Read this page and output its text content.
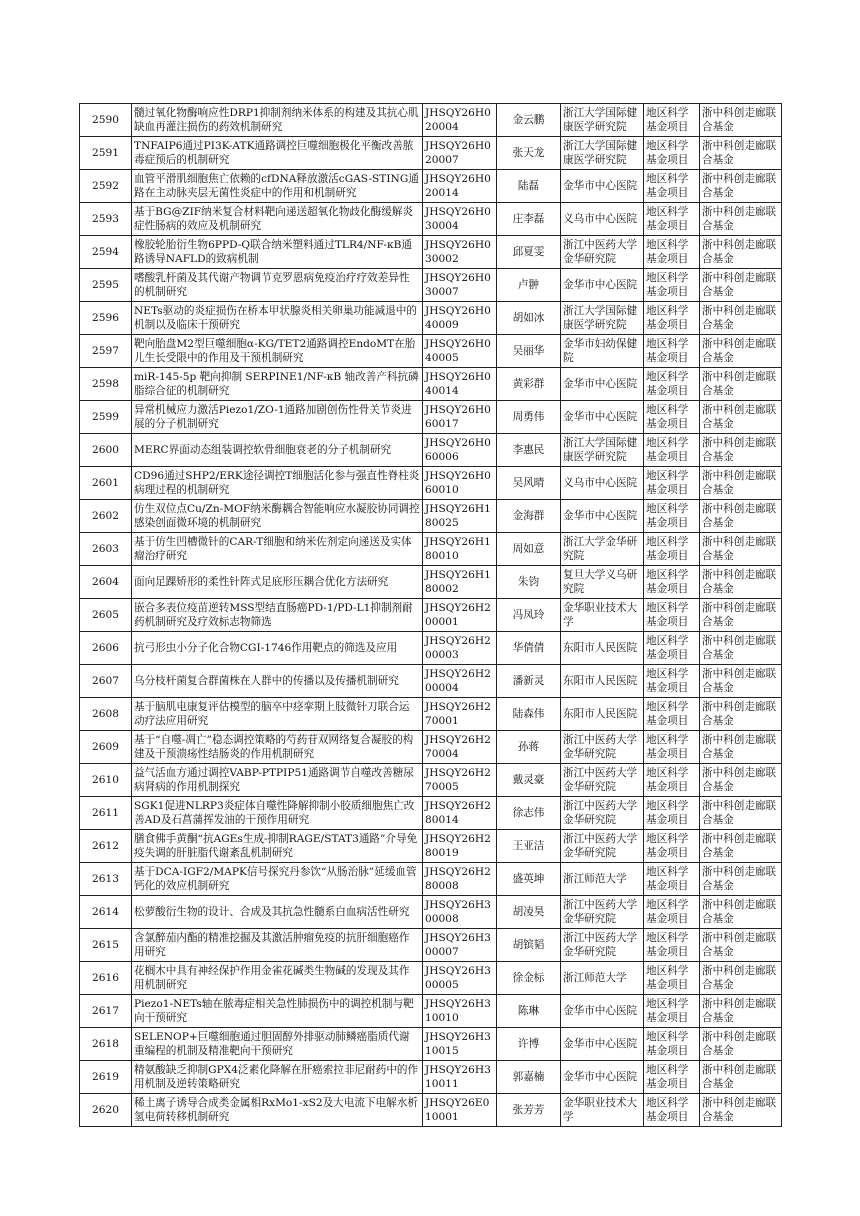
2590	髓过氧化物酶响应性DRP1抑制剂纳米体系的构建及其抗心肌缺血再灌注损伤的药效机制研究	JHSQY26H020004	金云鹏	浙江大学国际健康医学研究院	地区科学基金项目	浙中科创走廊联合基金
2591	TNFAIP6通过PI3K-ATK通路调控巨噬细胞极化平衡改善脓毒症预后的机制研究	JHSQY26H020007	张天龙	浙江大学国际健康医学研究院	地区科学基金项目	浙中科创走廊联合基金
2592	血管平滑肌细胞焦亡依赖的cfDNA释放激活cGAS-STING通路在主动脉夹层无菌性炎症中的作用和机制研究	JHSQY26H020014	陆磊	金华市中心医院	地区科学基金项目	浙中科创走廊联合基金
2593	基于BG@ZIF纳米复合材料靶向递送超氧化物歧化酶缓解炎症性肠病的效应及机制研究	JHSQY26H030004	庄李磊	义乌市中心医院	地区科学基金项目	浙中科创走廊联合基金
2594	橡胶轮胎衍生物6PPD-Q联合纳米塑料通过TLR4/NF-κB通路诱导NAFLD的致病机制	JHSQY26H030002	邱夏雯	浙江中医药大学金华研究院	地区科学基金项目	浙中科创走廊联合基金
2595	嗜酸乳杆菌及其代谢产物调节克罗恩病免疫治疗疗效差异性的机制研究	JHSQY26H030007	卢翀	金华市中心医院	地区科学基金项目	浙中科创走廊联合基金
2596	NETs驱动的炎症损伤在桥本甲状腺炎相关卵巢功能减退中的机制以及临床干预研究	JHSQY26H040009	胡如冰	浙江大学国际健康医学研究院	地区科学基金项目	浙中科创走廊联合基金
2597	靶向胎盘M2型巨噬细胞α-KG/TET2通路调控EndoMT在胎儿生长受限中的作用及干预机制研究	JHSQY26H040005	吴丽华	金华市妇幼保健院	地区科学基金项目	浙中科创走廊联合基金
2598	miR-145-5p 靶向抑制 SERPINE1/NF-κB 轴改善产科抗磷脂综合征的机制研究	JHSQY26H040014	黄彩群	金华市中心医院	地区科学基金项目	浙中科创走廊联合基金
2599	异常机械应力激活Piezo1/ZO-1通路加剧创伤性骨关节炎进展的分子机制研究	JHSQY26H060017	周勇伟	金华市中心医院	地区科学基金项目	浙中科创走廊联合基金
2600	MERC界面动态组装调控软骨细胞衰老的分子机制研究	JHSQY26H060006	李惠民	浙江大学国际健康医学研究院	地区科学基金项目	浙中科创走廊联合基金
2601	CD96通过SHP2/ERK途径调控T细胞活化参与强直性脊柱炎病理过程的机制研究	JHSQY26H060010	吴风晴	义乌市中心医院	地区科学基金项目	浙中科创走廊联合基金
2602	仿生双位点Cu/Zn-MOF纳米酶耦合智能响应水凝胶协同调控感染创面微环境的机制研究	JHSQY26H180025	金海群	金华市中心医院	地区科学基金项目	浙中科创走廊联合基金
2603	基于仿生凹槽微针的CAR-T细胞和纳米佐剂定向递送及实体瘤治疗研究	JHSQY26H180010	周如意	浙江大学金华研究院	地区科学基金项目	浙中科创走廊联合基金
2604	面向足踝矫形的柔性针阵式足底形压耦合优化方法研究	JHSQY26H180002	朱钧	复旦大学义乌研究院	地区科学基金项目	浙中科创走廊联合基金
2605	嵌合多表位疫苗逆转MSS型结直肠癌PD-1/PD-L1抑制剂耐药机制研究及疗效标志物筛选	JHSQY26H200001	冯凤玲	金华职业技术大学	地区科学基金项目	浙中科创走廊联合基金
2606	抗弓形虫小分子化合物CGI-1746作用靶点的筛选及应用	JHSQY26H200003	华倩倩	东阳市人民医院	地区科学基金项目	浙中科创走廊联合基金
2607	乌分枝杆菌复合群菌株在人群中的传播以及传播机制研究	JHSQY26H200004	潘新灵	东阳市人民医院	地区科学基金项目	浙中科创走廊联合基金
2608	基于脑肌电康复评估模型的脑卒中痉挛期上肢微针刀联合运动疗法应用研究	JHSQY26H270001	陆森伟	东阳市人民医院	地区科学基金项目	浙中科创走廊联合基金
2609	基于“自噬-凋亡”稳态调控策略的芍药苷双网络复合凝胶的构建及干预溃疡性结肠炎的作用机制研究	JHSQY26H270004	孙蒋	浙江中医药大学金华研究院	地区科学基金项目	浙中科创走廊联合基金
2610	益气活血方通过调控VABP-PTPIP51通路调节自噬改善糖尿病肾病的作用机制探究	JHSQY26H270005	戴灵豪	浙江中医药大学金华研究院	地区科学基金项目	浙中科创走廊联合基金
2611	SGK1促进NLRP3炎症体自噬性降解抑制小胶质细胞焦亡改善AD及石菖蒲挥发油的干预作用研究	JHSQY26H280014	徐志伟	浙江中医药大学金华研究院	地区科学基金项目	浙中科创走廊联合基金
2612	膳食佛手黄酮“抗AGEs生成-抑制RAGE/STAT3通路”介导免疫失调的肝脏脂代谢紊乱机制研究	JHSQY26H280019	王亚洁	浙江中医药大学金华研究院	地区科学基金项目	浙中科创走廊联合基金
2613	基于DCA-IGF2/MAPK信号探究丹参饮“从肠治脉”延缓血管钙化的效应机制研究	JHSQY26H280008	盛英坤	浙江师范大学	地区科学基金项目	浙中科创走廊联合基金
2614	松萝酸衍生物的设计、合成及其抗急性髓系白血病活性研究	JHSQY26H300008	胡凌昊	浙江中医药大学金华研究院	地区科学基金项目	浙中科创走廊联合基金
2615	含氯醉茄内酯的精准挖掘及其激活肿瘤免疫的抗肝细胞癌作用研究	JHSQY26H300007	胡镔韬	浙江中医药大学金华研究院	地区科学基金项目	浙中科创走廊联合基金
2616	花榈木中具有神经保护作用金雀花碱类生物碱的发现及其作用机制研究	JHSQY26H300005	徐金标	浙江师范大学	地区科学基金项目	浙中科创走廊联合基金
2617	Piezo1-NETs轴在脓毒症相关急性肺损伤中的调控机制与靶向干预研究	JHSQY26H310010	陈琳	金华市中心医院	地区科学基金项目	浙中科创走廊联合基金
2618	SELENOP+巨噬细胞通过胆固醇外排驱动肺鳞癌脂质代谢重编程的机制及精准靶向干预研究	JHSQY26H310015	许博	金华市中心医院	地区科学基金项目	浙中科创走廊联合基金
2619	精氨酸缺乏抑制GPX4泛素化降解在肝癌索拉非尼耐药中的作用机制及逆转策略研究	JHSQY26H310011	郭嘉楠	金华市中心医院	地区科学基金项目	浙中科创走廊联合基金
2620	稀土离子诱导合成类金属相RxMo1-xS2及大电流下电解水析氢电荷转移机制研究	JHSQY26E010001	张芳芳	金华职业技术大学	地区科学基金项目	浙中科创走廊联合基金
